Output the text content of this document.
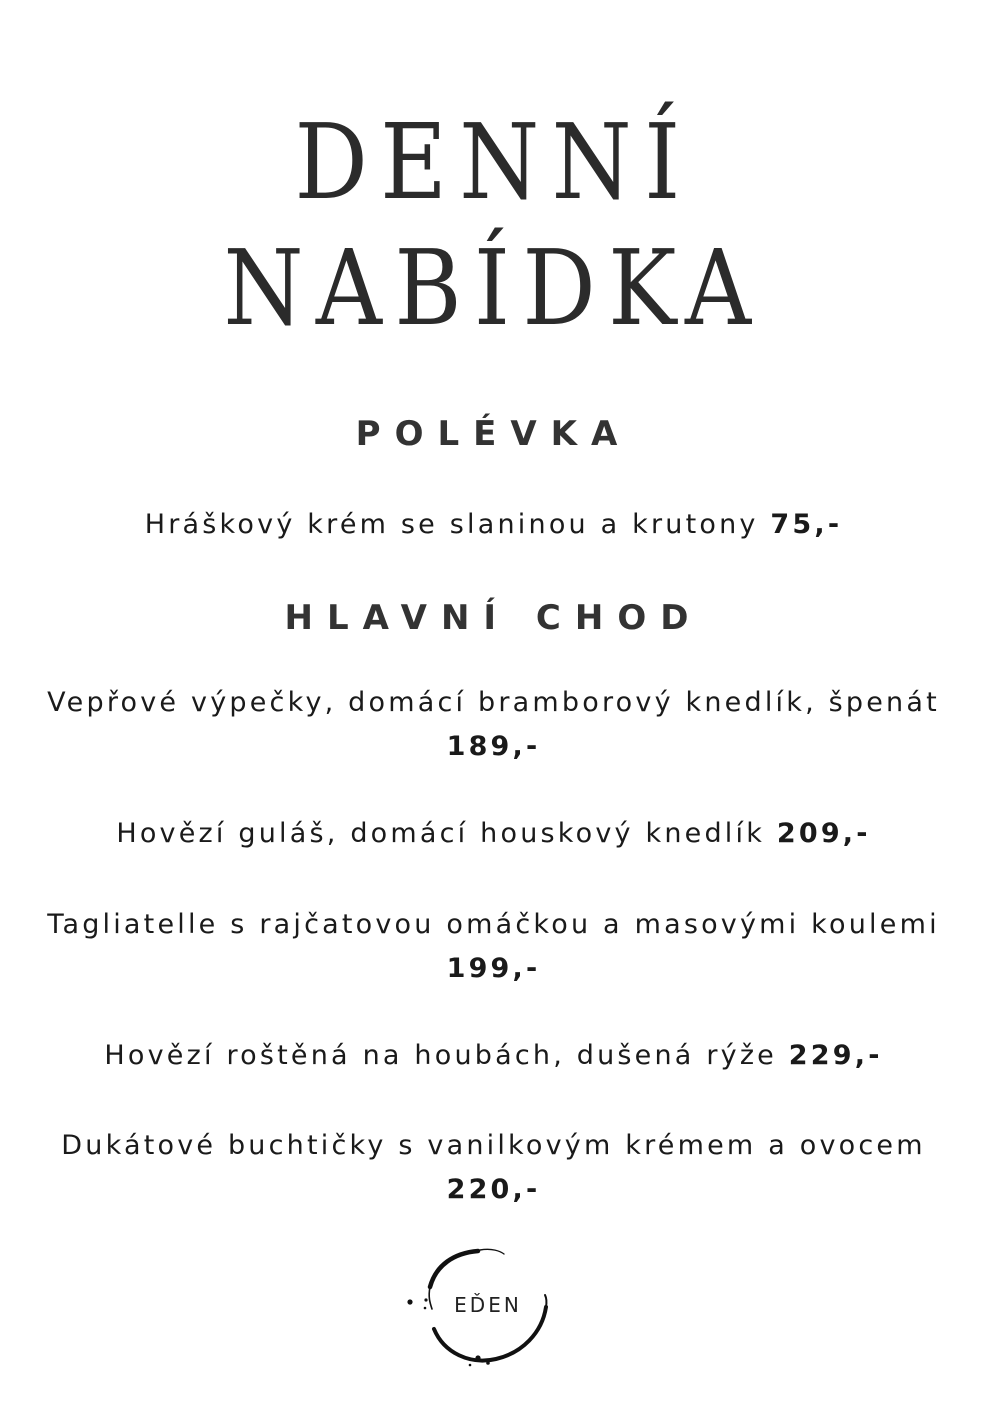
DENNÍ
NABÍDKA
POLÉVKA
Hráškový krém se slaninou a krutony 75,-
HLAVNÍ CHOD
Vepřové výpečky, domácí bramborový knedlík, špenát 189,-
Hovězí guláš, domácí houskový knedlík 209,-
Tagliatelle s rajčatovou omáčkou a masovými koulemi 199,-
Hovězí roštěná na houbách, dušená rýže 229,-
Dukátové buchtičky s vanilkovým krémem a ovocem 220,-
EĎEN
